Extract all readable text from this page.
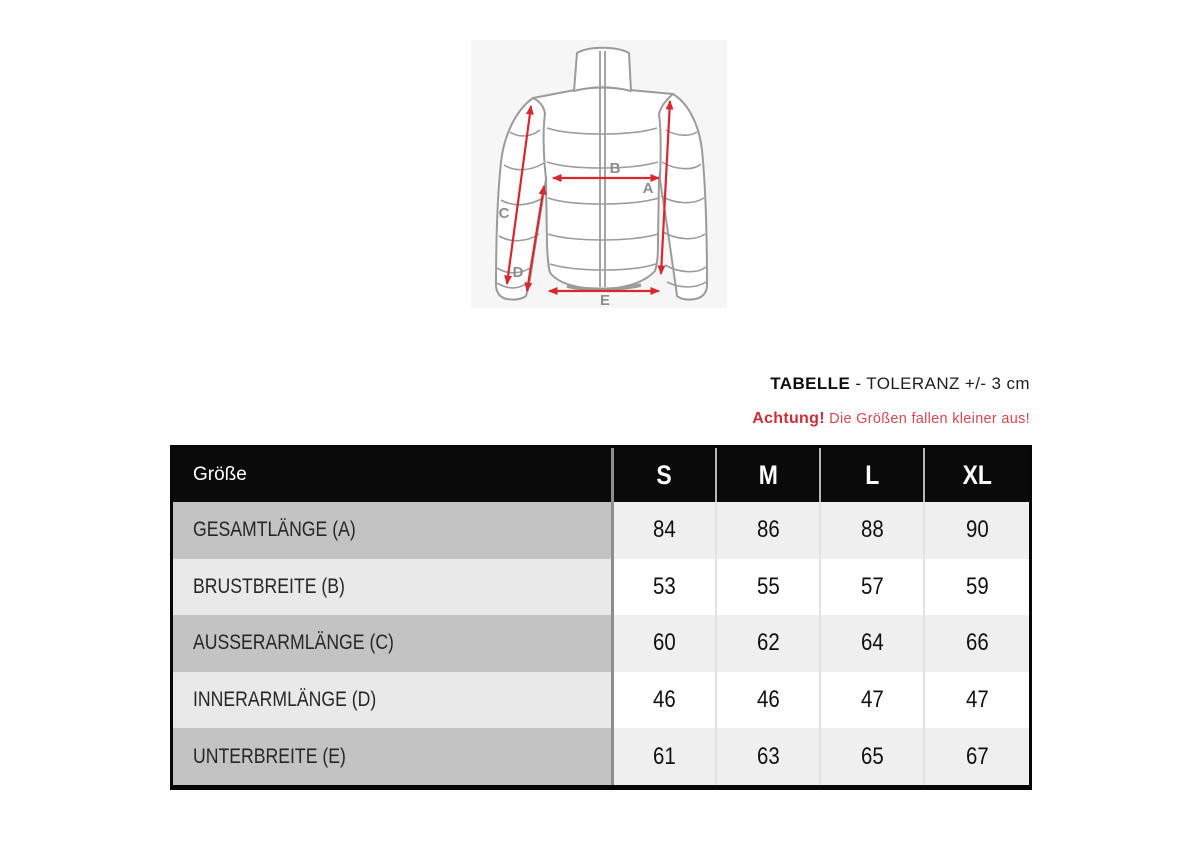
B
A
C
D
E
TABELLE - TOLERANZ +/- 3 cm
Achtung! Die Größen fallen kleiner aus!
Größe	S	M	L	XL
GESAMTLÄNGE (A)	84	86	88	90
BRUSTBREITE (B)	53	55	57	59
AUSSERARMLÄNGE (C)	60	62	64	66
INNERARMLÄNGE (D)	46	46	47	47
UNTERBREITE (E)	61	63	65	67
